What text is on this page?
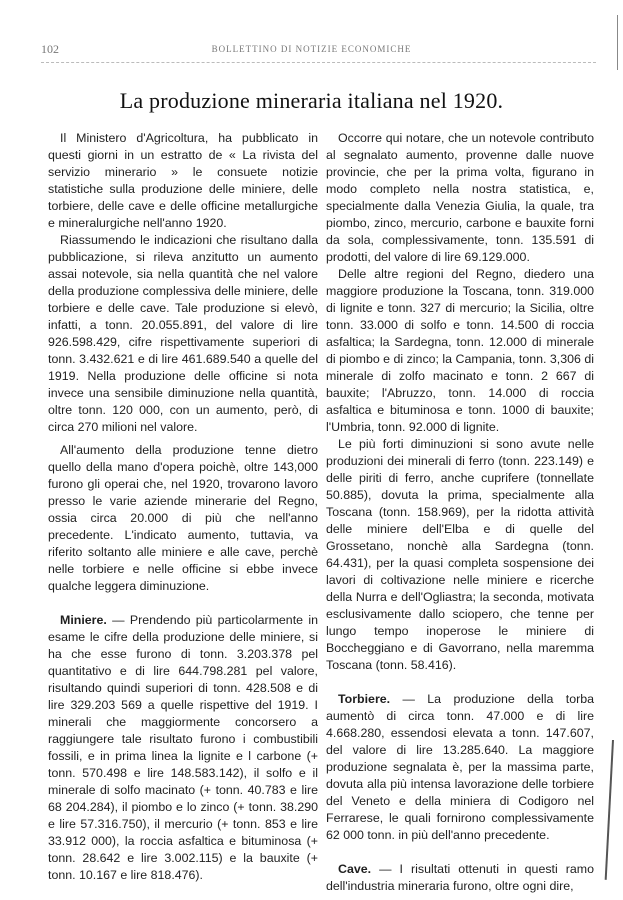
102	BOLLETTINO DI NOTIZIE ECONOMICHE
La produzione mineraria italiana nel 1920.

Il Ministero d'Agricoltura, ha pubblicato in questi giorni in un estratto de « La rivista del servizio minerario » le consuete notizie statistiche sulla produzione delle miniere, delle torbiere, delle cave e delle officine metallurgiche e mineralurgiche nell'anno 1920.

Riassumendo le indicazioni che risultano dalla pubblicazione, si rileva anzitutto un aumento assai notevole, sia nella quantità che nel valore della produzione complessiva delle miniere, delle torbiere e delle cave. Tale produzione si elevò, infatti, a tonn. 20.055.891, del valore di lire 926.598.429, cifre rispettivamente superiori di tonn. 3.432.621 e di lire 461.689.540 a quelle del 1919. Nella produzione delle officine si nota invece una sensibile diminuzione nella quantità, oltre tonn. 120 000, con un aumento, però, di circa 270 milioni nel valore.

All'aumento della produzione tenne dietro quello della mano d'opera poichè, oltre 143,000 furono gli operai che, nel 1920, trovarono lavoro presso le varie aziende minerarie del Regno, ossia circa 20.000 di più che nell'anno precedente. L'indicato aumento, tuttavia, va riferito soltanto alle miniere e alle cave, perchè nelle torbiere e nelle officine si ebbe invece qualche leggera diminuzione.

Miniere. — Prendendo più particolarmente in esame le cifre della produzione delle miniere, si ha che esse furono di tonn. 3.203.378 pel quantitativo e di lire 644.798.281 pel valore, risultando quindi superiori di tonn. 428.508 e di lire 329.203 569 a quelle rispettive del 1919. I minerali che maggiormente concorsero a raggiungere tale risultato furono i combustibili fossili, e in prima linea la lignite e l carbone (+ tonn. 570.498 e lire 148.583.142), il solfo e il minerale di solfo macinato (+ tonn. 40.783 e lire 68 204.284), il piombo e lo zinco (+ tonn. 38.290 e lire 57.316.750), il mercurio (+ tonn. 853 e lire 33.912 000), la roccia asfaltica e bituminosa (+ tonn. 28.642 e lire 3.002.115) e la bauxite (+ tonn. 10.167 e lire 818.476).

Occorre qui notare, che un notevole contributo al segnalato aumento, provenne dalle nuove provincie, che per la prima volta, figurano in modo completo nella nostra statistica, e, specialmente dalla Venezia Giulia, la quale, tra piombo, zinco, mercurio, carbone e bauxite forni da sola, complessivamente, tonn. 135.591 di prodotti, del valore di lire 69.129.000.

Delle altre regioni del Regno, diedero una maggiore produzione la Toscana, tonn. 319.000 di lignite e tonn. 327 di mercurio; la Sicilia, oltre tonn. 33.000 di solfo e tonn. 14.500 di roccia asfaltica; la Sardegna, tonn. 12.000 di minerale di piombo e di zinco; la Campania, tonn. 3,306 di minerale di zolfo macinato e tonn. 2 667 di bauxite; l'Abruzzo, tonn. 14.000 di roccia asfaltica e bituminosa e tonn. 1000 di bauxite; l'Umbria, tonn. 92.000 di lignite.

Le più forti diminuzioni si sono avute nelle produzioni dei minerali di ferro (tonn. 223.149) e delle piriti di ferro, anche cuprifere (tonnellate 50.885), dovuta la prima, specialmente alla Toscana (tonn. 158.969), per la ridotta attività delle miniere dell'Elba e di quelle del Grossetano, nonchè alla Sardegna (tonn. 64.431), per la quasi completa sospensione dei lavori di coltivazione nelle miniere e ricerche della Nurra e dell'Ogliastra; la seconda, motivata esclusivamente dallo sciopero, che tenne per lungo tempo inoperose le miniere di Boccheggiano e di Gavorrano, nella maremma Toscana (tonn. 58.416).

Torbiere. — La produzione della torba aumentò di circa tonn. 47.000 e di lire 4.668.280, essendosi elevata a tonn. 147.607, del valore di lire 13.285.640. La maggiore produzione segnalata è, per la massima parte, dovuta alla più intensa lavorazione delle torbiere del Veneto e della miniera di Codigoro nel Ferrarese, le quali fornirono complessivamente 62 000 tonn. in più dell'anno precedente.

Cave. — I risultati ottenuti in questi ramo dell'industria mineraria furono, oltre ogni dire,
